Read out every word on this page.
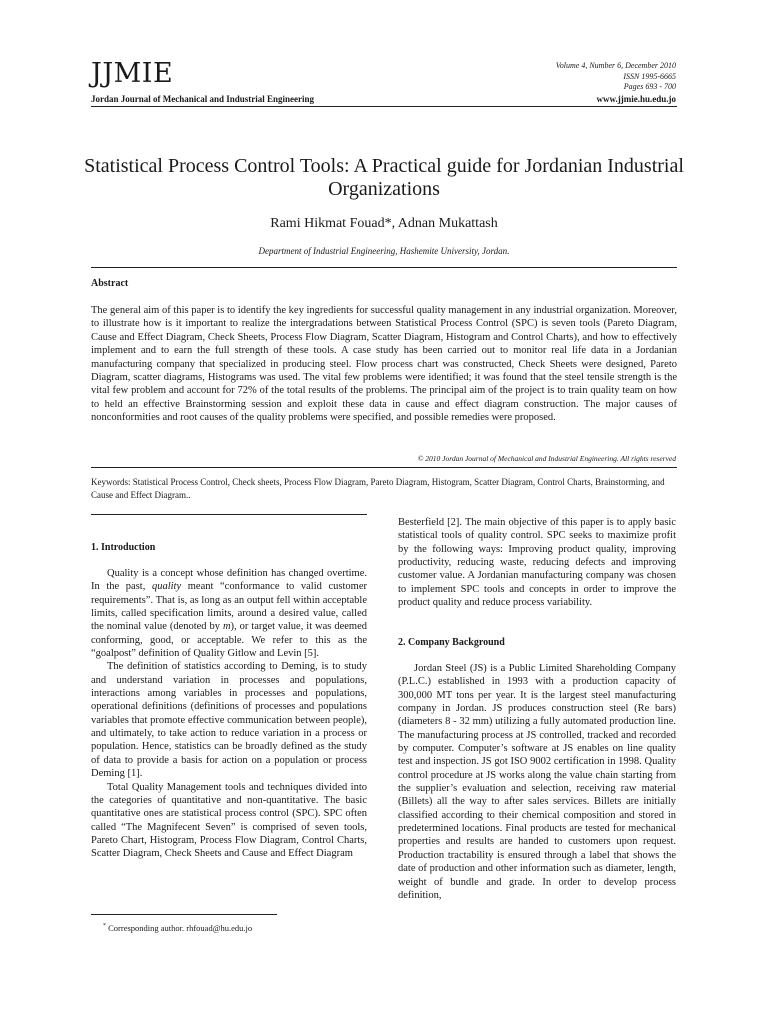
JJMIE	Volume 4, Number 6, December 2010
ISSN 1995-6665
Pages 693 - 700
Jordan Journal of Mechanical and Industrial Engineering	www.jjmie.hu.edu.jo
Statistical Process Control Tools: A Practical guide for Jordanian Industrial Organizations
Rami Hikmat Fouad*, Adnan Mukattash
Department of Industrial Engineering, Hashemite University, Jordan.
Abstract
The general aim of this paper is to identify the key ingredients for successful quality management in any industrial organization. Moreover, to illustrate how is it important to realize the intergradations between Statistical Process Control (SPC) is seven tools (Pareto Diagram, Cause and Effect Diagram, Check Sheets, Process Flow Diagram, Scatter Diagram, Histogram and Control Charts), and how to effectively implement and to earn the full strength of these tools. A case study has been carried out to monitor real life data in a Jordanian manufacturing company that specialized in producing steel. Flow process chart was constructed, Check Sheets were designed, Pareto Diagram, scatter diagrams, Histograms was used. The vital few problems were identified; it was found that the steel tensile strength is the vital few problem and account for 72% of the total results of the problems. The principal aim of the project is to train quality team on how to held an effective Brainstorming session and exploit these data in cause and effect diagram construction. The major causes of nonconformities and root causes of the quality problems were specified, and possible remedies were proposed.
© 2010 Jordan Journal of Mechanical and Industrial Engineering. All rights reserved
Keywords: Statistical Process Control, Check sheets, Process Flow Diagram, Pareto Diagram, Histogram, Scatter Diagram, Control Charts, Brainstorming, and Cause and Effect Diagram..
1. Introduction

Quality is a concept whose definition has changed overtime. In the past, quality meant “conformance to valid customer requirements”. That is, as long as an output fell within acceptable limits, called specification limits, around a desired value, called the nominal value (denoted by m), or target value, it was deemed conforming, good, or acceptable. We refer to this as the “goalpost” definition of Quality Gitlow and Levin [5].

The definition of statistics according to Deming, is to study and understand variation in processes and populations, interactions among variables in processes and populations, operational definitions (definitions of processes and populations variables that promote effective communication between people), and ultimately, to take action to reduce variation in a process or population. Hence, statistics can be broadly defined as the study of data to provide a basis for action on a population or process Deming [1].

Total Quality Management tools and techniques divided into the categories of quantitative and non-quantitative. The basic quantitative ones are statistical process control (SPC). SPC often called “The Magnifecent Seven” is comprised of seven tools, Pareto Chart, Histogram, Process Flow Diagram, Control Charts, Scatter Diagram, Check Sheets and Cause and Effect Diagram

Besterfield [2]. The main objective of this paper is to apply basic statistical tools of quality control. SPC seeks to maximize profit by the following ways: Improving product quality, improving productivity, reducing waste, reducing defects and improving customer value. A Jordanian manufacturing company was chosen to implement SPC tools and concepts in order to improve the product quality and reduce process variability.

2. Company Background

Jordan Steel (JS) is a Public Limited Shareholding Company (P.L.C.) established in 1993 with a production capacity of 300,000 MT tons per year. It is the largest steel manufacturing company in Jordan. JS produces construction steel (Re bars) (diameters 8 - 32 mm) utilizing a fully automated production line. The manufacturing process at JS controlled, tracked and recorded by computer. Computer’s software at JS enables on line quality test and inspection. JS got ISO 9002 certification in 1998. Quality control procedure at JS works along the value chain starting from the supplier’s evaluation and selection, receiving raw material (Billets) all the way to after sales services. Billets are initially classified according to their chemical composition and stored in predetermined locations. Final products are tested for mechanical properties and results are handed to customers upon request. Production tractability is ensured through a label that shows the date of production and other information such as diameter, length, weight of bundle and grade. In order to develop process definition,

* Corresponding author. rhfouad@hu.edu.jo
